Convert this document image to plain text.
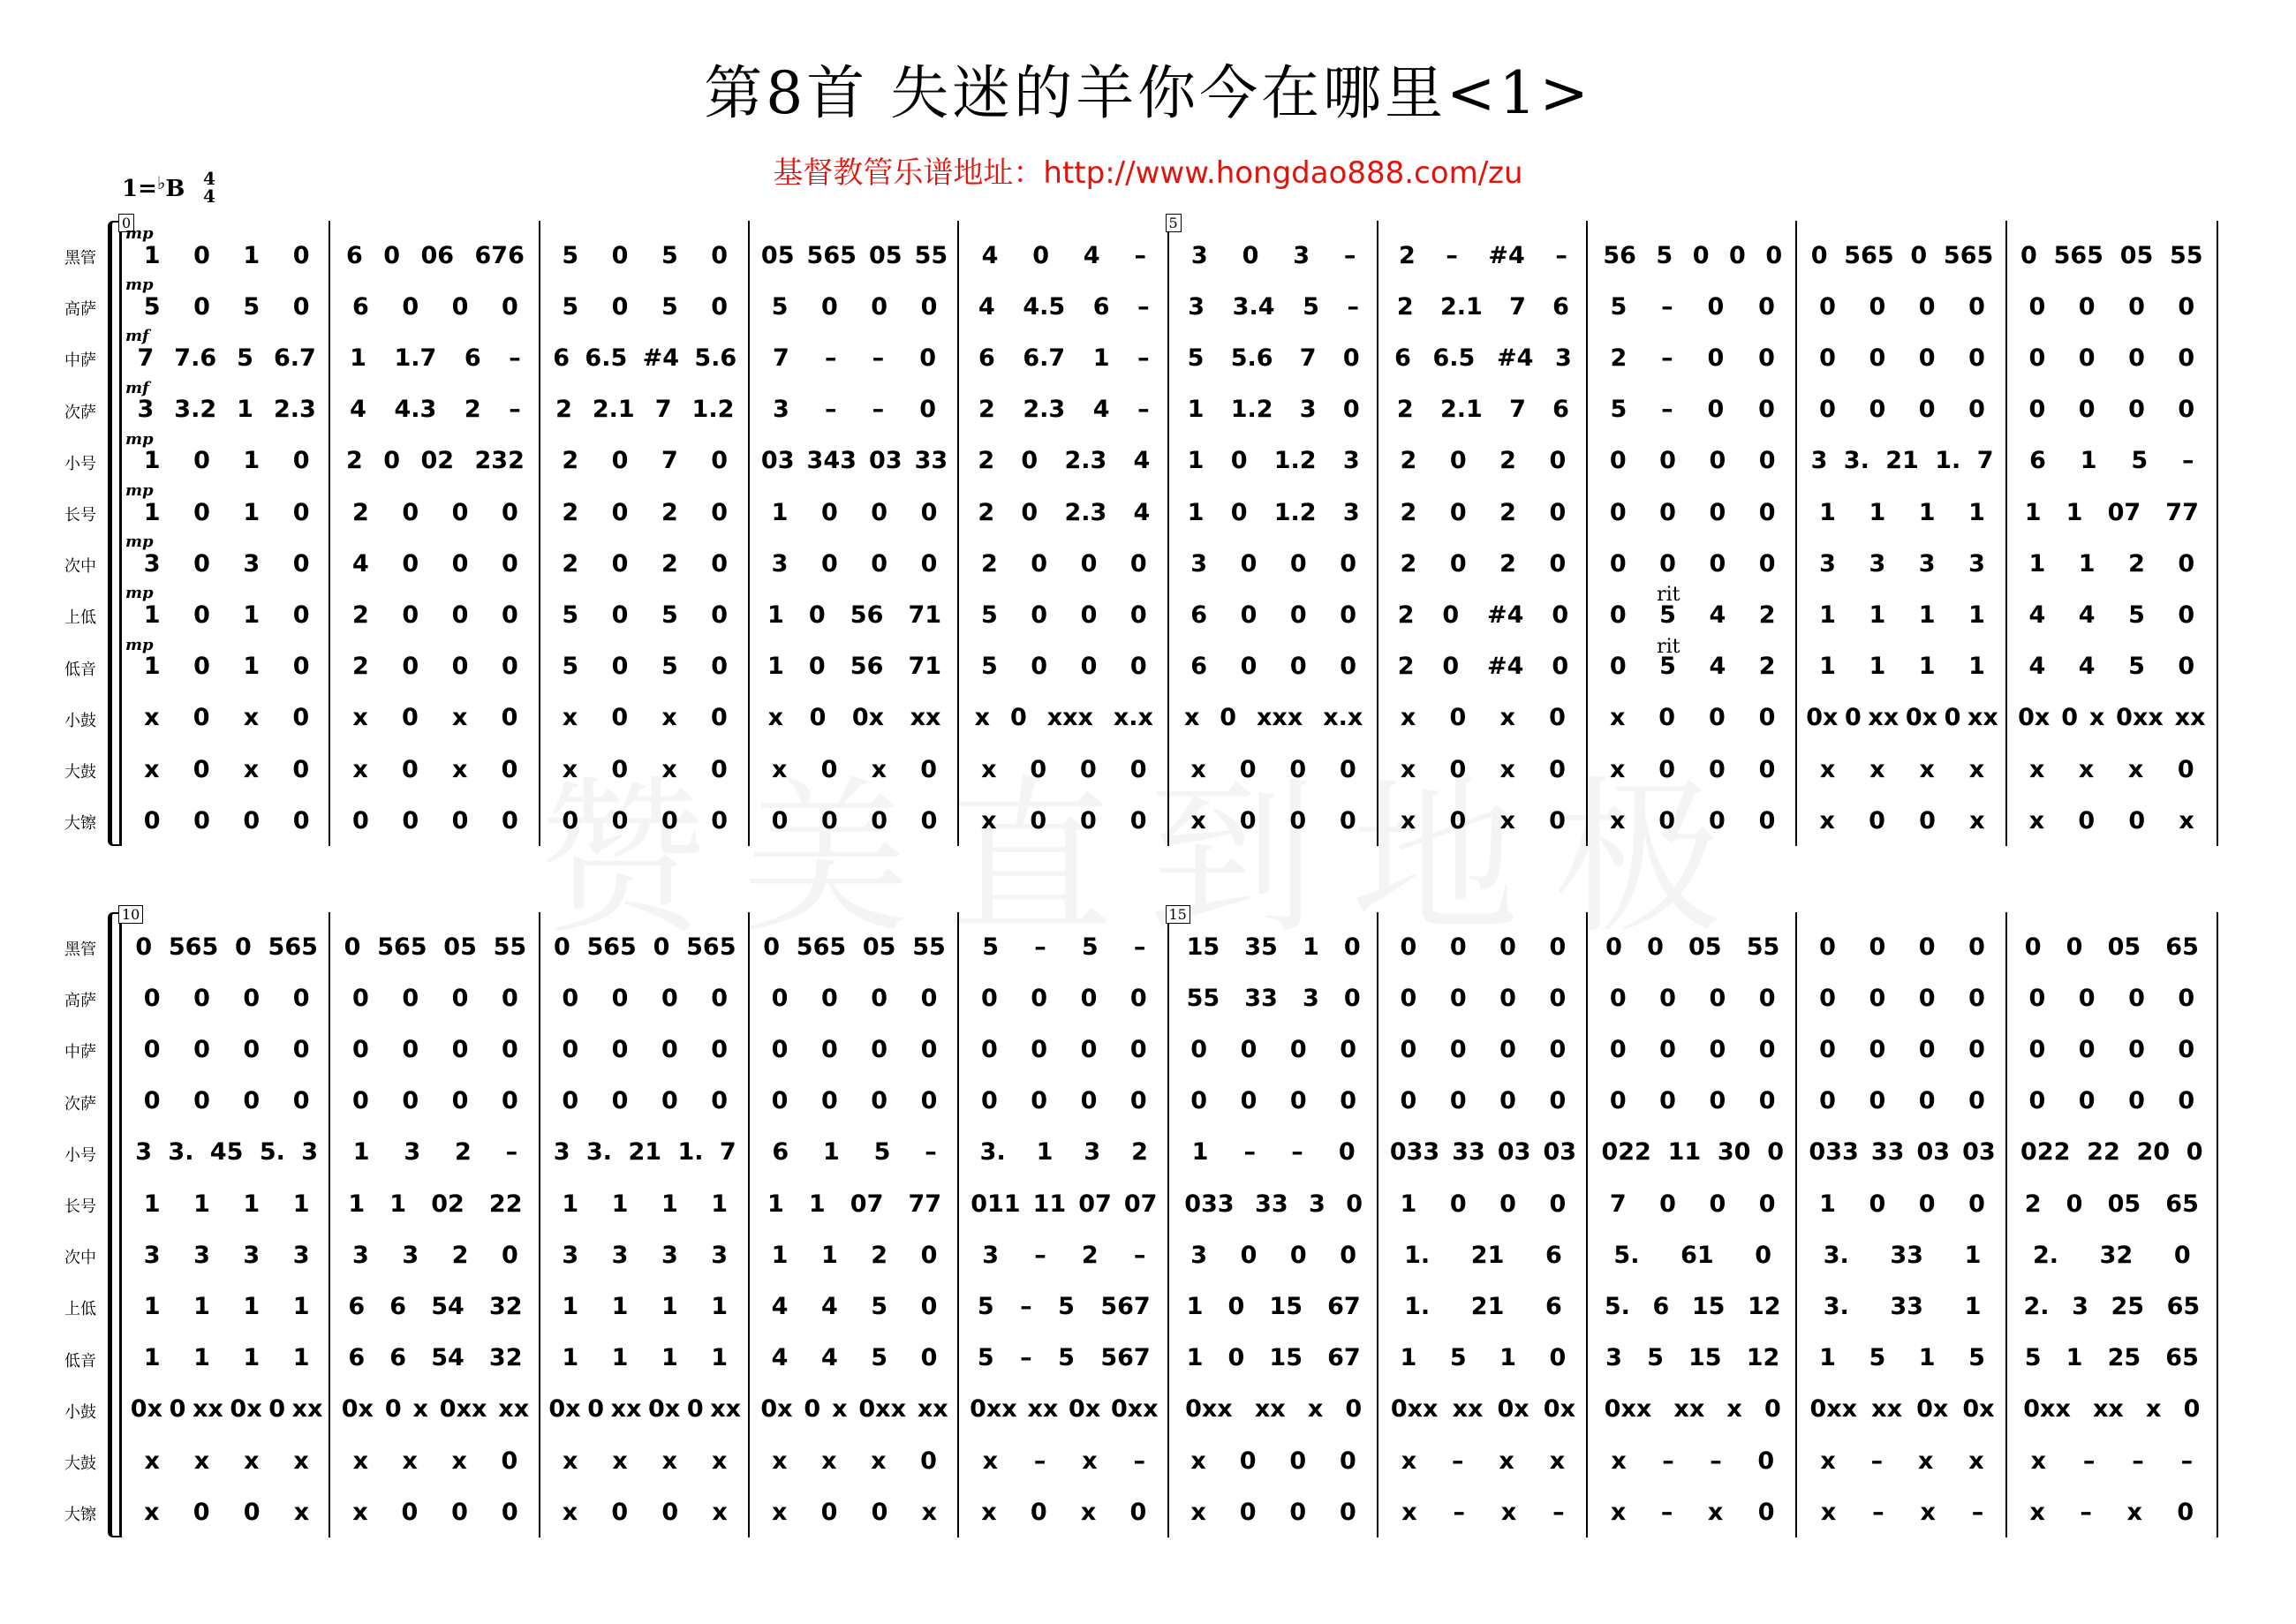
第8首 失迷的羊你今在哪里<1>
基督教管乐谱地址：http://www.hongdao888.com/zu
1=♭B 4
4
黑管
高萨
中萨
次萨
小号
长号
次中
上低
低音
小鼓
大鼓
大镲
0
1 0 1 0
5 0 5 0
7 7.6 5 6.7
3 3.2 1 2.3
1 0 1 0
1 0 1 0
3 0 3 0
1 0 1 0
1 0 1 0
x 0 x 0
x 0 x 0
0 0 0 0
6 0 06 676
6 0 0 0
1 1.7 6 –
4 4.3 2 –
2 0 02 232
2 0 0 0
4 0 0 0
2 0 0 0
2 0 0 0
x 0 x 0
x 0 x 0
0 0 0 0
5 0 5 0
5 0 5 0
6 6.5 #4 5.6
2 2.1 7 1.2
2 0 7 0
2 0 2 0
2 0 2 0
5 0 5 0
5 0 5 0
x 0 x 0
x 0 x 0
0 0 0 0
05 565 05 55
5 0 0 0
7 – – 0
3 – – 0
03 343 03 33
1 0 0 0
3 0 0 0
1 0 56 71
1 0 56 71
x 0 0x xx
x 0 x 0
0 0 0 0
4 0 4 –
4 4.5 6 –
6 6.7 1 –
2 2.3 4 –
2 0 2.3 4
2 0 2.3 4
2 0 0 0
5 0 0 0
5 0 0 0
x 0 xxx x.x
x 0 0 0
x 0 0 0
5
3 0 3 –
3 3.4 5 –
5 5.6 7 0
1 1.2 3 0
1 0 1.2 3
1 0 1.2 3
3 0 0 0
6 0 0 0
6 0 0 0
x 0 xxx x.x
x 0 0 0
x 0 0 0
2 – #4 –
2 2.1 7 6
6 6.5 #4 3
2 2.1 7 6
2 0 2 0
2 0 2 0
2 0 2 0
2 0 #4 0
2 0 #4 0
x 0 x 0
x 0 x 0
x 0 x 0
56 5 0 0 0
5 – 0 0
2 – 0 0
5 – 0 0
0 0 0 0
0 0 0 0
0 0 0 0
0 5 4 2
0 5 4 2
x 0 0 0
x 0 0 0
x 0 0 0
0 565 0 565
0 0 0 0
0 0 0 0
0 0 0 0
3 3. 21 1. 7
1 1 1 1
3 3 3 3
1 1 1 1
1 1 1 1
0x 0 xx 0x 0 xx
x x x x
x 0 0 x
0 565 05 55
0 0 0 0
0 0 0 0
0 0 0 0
6 1 5 –
1 1 07 77
1 1 2 0
4 4 5 0
4 4 5 0
0x 0 x 0xx xx
x x x 0
x 0 0 x
mp
mp
mf
mf
mp
mp
mp
mp
mp
rit
rit
黑管
高萨
中萨
次萨
小号
长号
次中
上低
低音
小鼓
大鼓
大镲
10
0 565 0 565
0 0 0 0
0 0 0 0
0 0 0 0
3 3. 45 5. 3
1 1 1 1
3 3 3 3
1 1 1 1
1 1 1 1
0x 0 xx 0x 0 xx
x x x x
x 0 0 x
0 565 05 55
0 0 0 0
0 0 0 0
0 0 0 0
1 3 2 –
1 1 02 22
3 3 2 0
6 6 54 32
6 6 54 32
0x 0 x 0xx xx
x x x 0
x 0 0 0
0 565 0 565
0 0 0 0
0 0 0 0
0 0 0 0
3 3. 21 1. 7
1 1 1 1
3 3 3 3
1 1 1 1
1 1 1 1
0x 0 xx 0x 0 xx
x x x x
x 0 0 x
0 565 05 55
0 0 0 0
0 0 0 0
0 0 0 0
6 1 5 –
1 1 07 77
1 1 2 0
4 4 5 0
4 4 5 0
0x 0 x 0xx xx
x x x 0
x 0 0 x
5 – 5 –
0 0 0 0
0 0 0 0
0 0 0 0
3. 1 3 2
011 11 07 07
3 – 2 –
5 – 5 567
5 – 5 567
0xx xx 0x 0xx
x – x –
x 0 x 0
15
15 35 1 0
55 33 3 0
0 0 0 0
0 0 0 0
1 – – 0
033 33 3 0
3 0 0 0
1 0 15 67
1 0 15 67
0xx xx x 0
x 0 0 0
x 0 0 0
0 0 0 0
0 0 0 0
0 0 0 0
0 0 0 0
033 33 03 03
1 0 0 0
1. 21 6
1. 21 6
1 5 1 0
0xx xx 0x 0x
x – x x
x – x –
0 0 05 55
0 0 0 0
0 0 0 0
0 0 0 0
022 11 30 0
7 0 0 0
5. 61 0
5. 6 15 12
3 5 15 12
0xx xx x 0
x – – 0
x – x 0
0 0 0 0
0 0 0 0
0 0 0 0
0 0 0 0
033 33 03 03
1 0 0 0
3. 33 1
3. 33 1
1 5 1 5
0xx xx 0x 0x
x – x x
x – x –
0 0 05 65
0 0 0 0
0 0 0 0
0 0 0 0
022 22 20 0
2 0 05 65
2. 32 0
2. 3 25 65
5 1 25 65
0xx xx x 0
x – – –
x – x 0
